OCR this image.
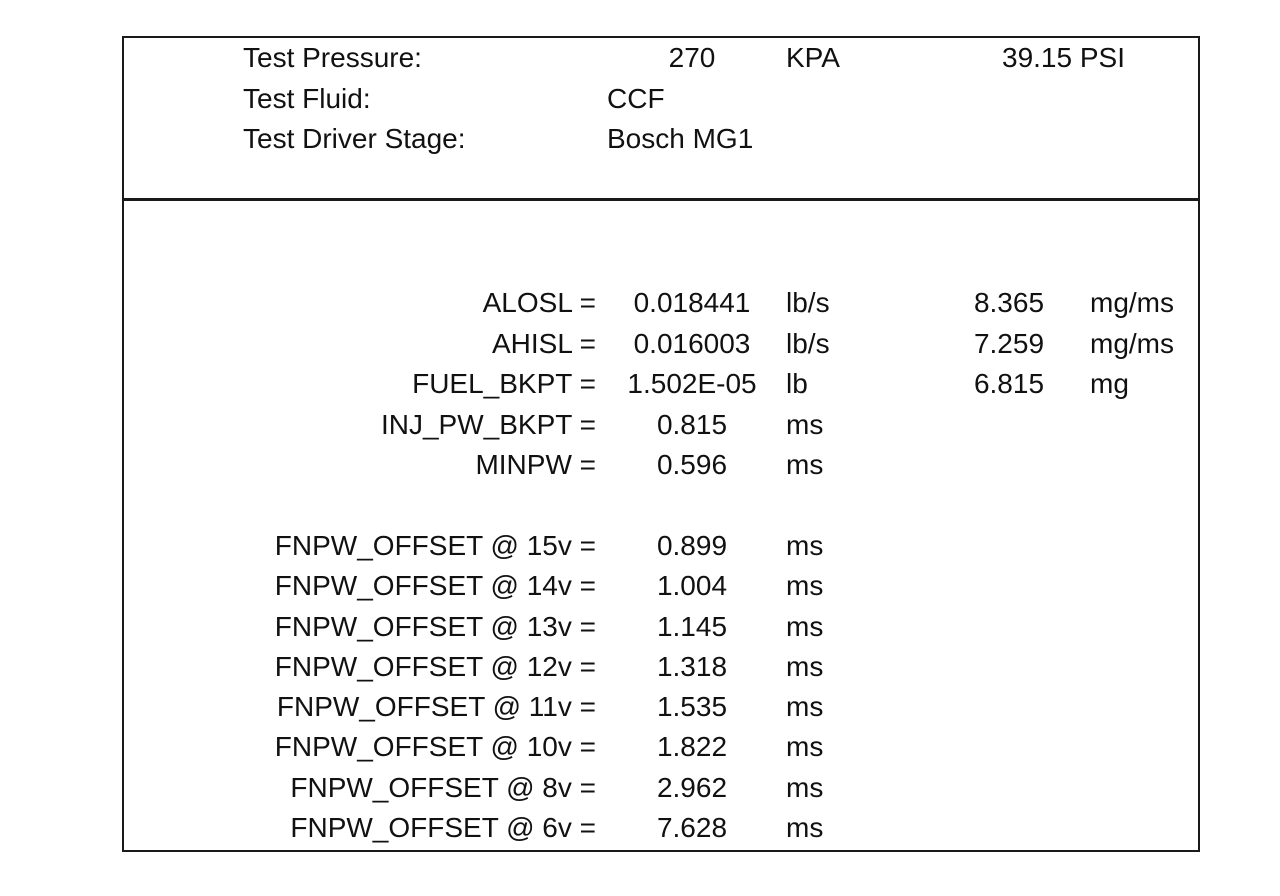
Test Pressure:	270	KPA	39.15 PSI
Test Fluid:	CCF
Test Driver Stage:	Bosch MG1
ALOSL =	0.018441	lb/s	8.365	mg/ms
AHISL =	0.016003	lb/s	7.259	mg/ms
FUEL_BKPT = 1.502E-05 lb	6.815	mg
INJ_PW_BKPT =	0.815	ms
MINPW =	0.596	ms
FNPW_OFFSET @ 15v =	0.899	ms
FNPW_OFFSET @ 14v =	1.004	ms
FNPW_OFFSET @ 13v =	1.145	ms
FNPW_OFFSET @ 12v =	1.318	ms
FNPW_OFFSET @ 11v =	1.535	ms
FNPW_OFFSET @ 10v =	1.822	ms
FNPW_OFFSET @ 8v =	2.962	ms
FNPW_OFFSET @ 6v =	7.628	ms
